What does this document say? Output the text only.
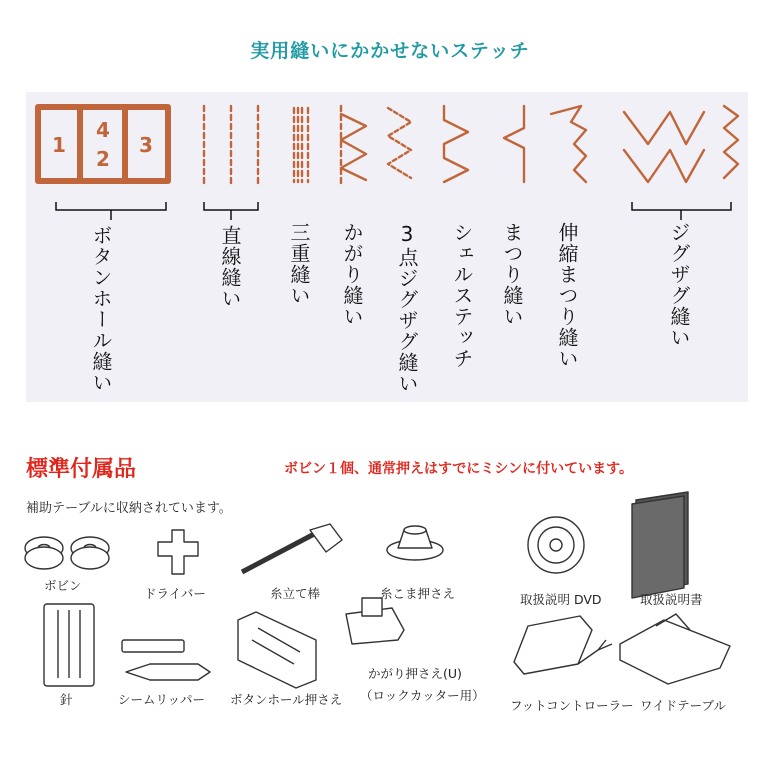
実用縫いにかかせないステッチ
1
4
2
3
ボタンホール縫い	直線縫い 三重縫い かがり縫い 3点ジグザグ縫い シェルステッチ まつり縫い 伸縮まつり縫い	ジグザグ縫い
標準付属品	ボビン１個、通常押えはすでにミシンに付いています。
補助テーブルに収納されています。
ボビン
ドライバー	糸立て棒	糸こま押さえ	取扱説明 DVD	取扱説明書
針	シームリッパー ボタンホール押さえ
かがり押さえ(U)
（ロックカッター用）
フットコントローラー ワイドテーブル
